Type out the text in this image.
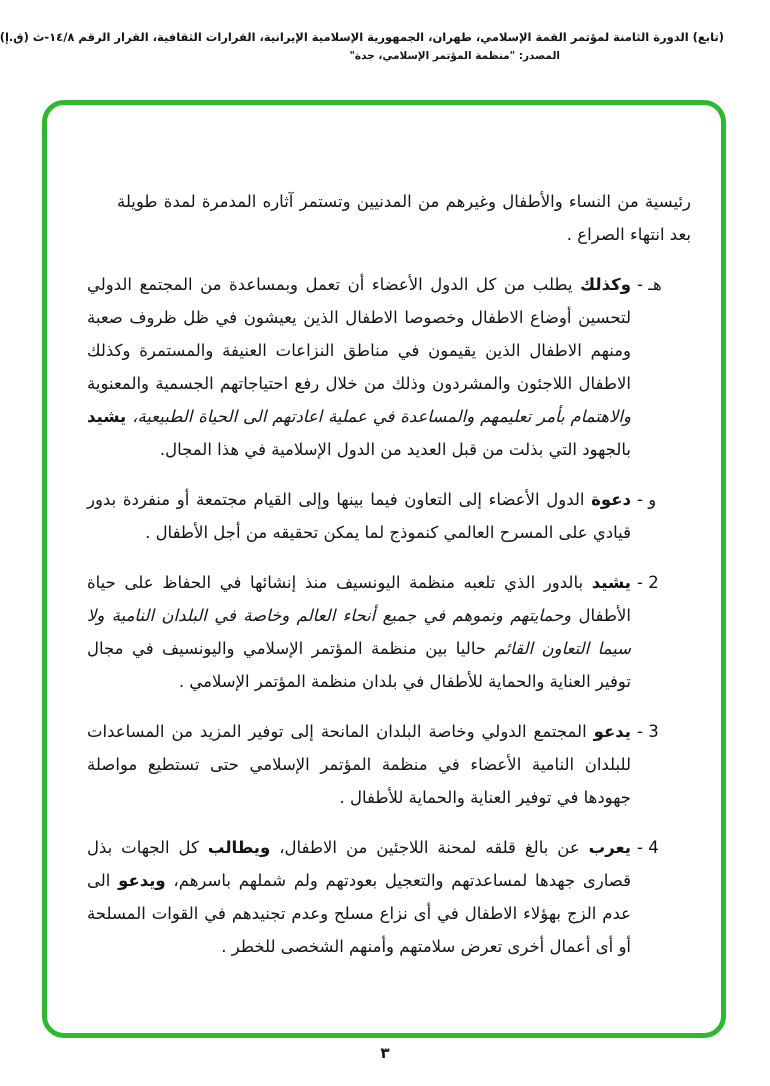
(تابع) الدورة الثامنة لمؤتمر القمة الإسلامي، طهران، الجمهورية الإسلامية الإيرانية، القرارات الثقافية، القرار الرقم ١٤/٨-ث (ق.إ)
المصدر: "منظمة المؤتمر الإسلامي، جدة"

رئيسية من النساء والأطفال وغيرهم من المدنيين وتستمر آثاره المدمرة لمدة طويلة بعد انتهاء الصراع .

هـ -

وكذلك يطلب من كل الدول الأعضاء أن تعمل وبمساعدة من المجتمع الدولي لتحسين أوضاع الاطفال وخصوصا الاطفال الذين يعيشون في ظل ظروف صعبة ومنهم الاطفال الذين يقيمون في مناطق النزاعات العنيفة والمستمرة وكذلك الاطفال اللاجئون والمشردون وذلك من خلال رفع احتياجاتهم الجسمية والمعنوية والاهتمام بأمر تعليمهم والمساعدة في عملية اعادتهم الى الحياة الطبيعية، يشيد بالجهود التي بذلت من قبل العديد من الدول الإسلامية في هذا المجال.

و -

دعوة الدول الأعضاء إلى التعاون فيما بينها وإلى القيام مجتمعة أو منفردة بدور قيادي على المسرح العالمي كنموذج لما يمكن تحقيقه من أجل الأطفال .

2 -

يشيد بالدور الذي تلعبه منظمة اليونسيف منذ إنشائها في الحفاظ على حياة الأطفال وحمايتهم ونموهم في جميع أنحاء العالم وخاصة في البلدان النامية ولا سيما التعاون القائم حاليا بين منظمة المؤتمر الإسلامي واليونسيف في مجال توفير العناية والحماية للأطفال في بلدان منظمة المؤتمر الإسلامي .

3 -

يدعو المجتمع الدولي وخاصة البلدان المانحة إلى توفير المزيد من المساعدات للبلدان النامية الأعضاء في منظمة المؤتمر الإسلامي حتى تستطيع مواصلة جهودها في توفير العناية والحماية للأطفال .

4 -

يعرب عن بالغ قلقه لمحنة اللاجئين من الاطفال، ويطالب كل الجهات بذل قصارى جهدها لمساعدتهم والتعجيل بعودتهم ولم شملهم باسرهم، ويدعو الى عدم الزج بهؤلاء الاطفال في أى نزاع مسلح وعدم تجنيدهم في القوات المسلحة أو أى أعمال أخرى تعرض سلامتهم وأمنهم الشخصى للخطر .

٣
